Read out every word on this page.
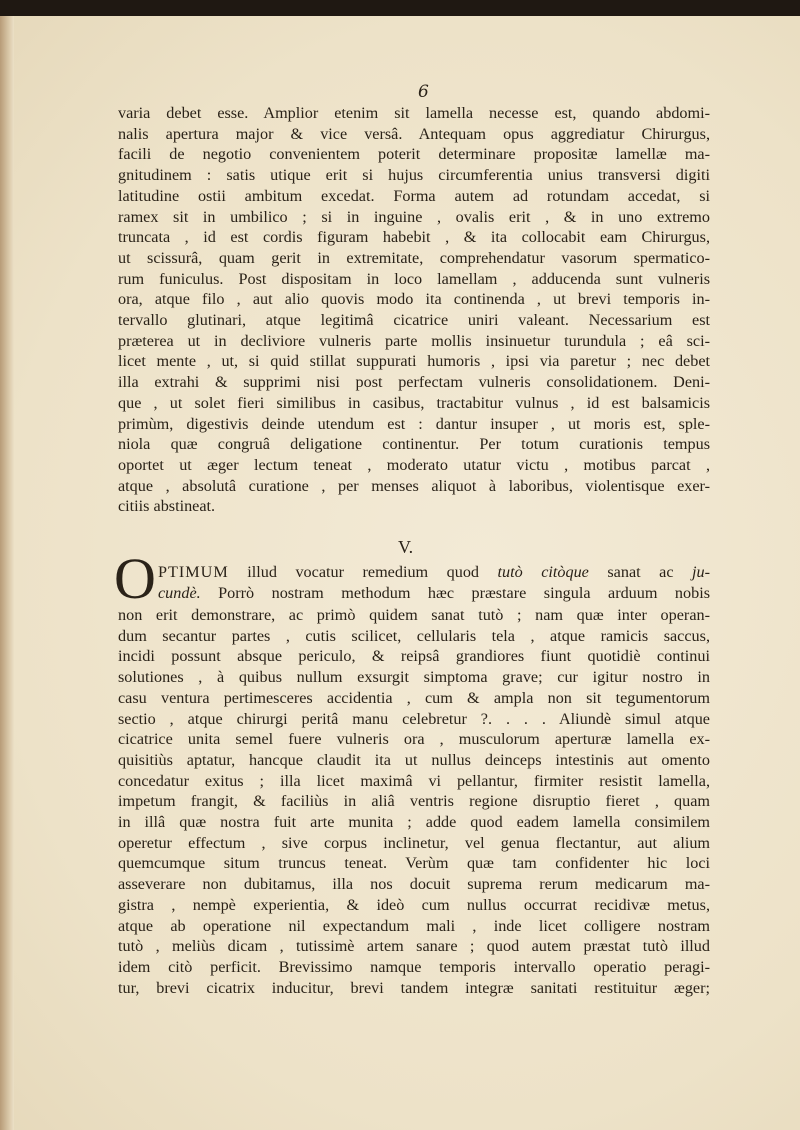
6
varia debet esse. Amplior etenim sit lamella necesse est, quando abdomi-
nalis apertura major & vice versâ. Antequam opus aggrediatur Chirurgus,
facili de negotio convenientem poterit determinare propositæ lamellæ ma-
gnitudinem : satis utique erit si hujus circumferentia unius transversi digiti
latitudine ostii ambitum excedat. Forma autem ad rotundam accedat, si
ramex sit in umbilico ; si in inguine , ovalis erit , & in uno extremo
truncata , id est cordis figuram habebit , & ita collocabit eam Chirurgus,
ut scissurâ, quam gerit in extremitate, comprehendatur vasorum spermatico-
rum funiculus. Post dispositam in loco lamellam , adducenda sunt vulneris
ora, atque filo , aut alio quovis modo ita continenda , ut brevi temporis in-
tervallo glutinari, atque legitimâ cicatrice uniri valeant. Necessarium est
præterea ut in decliviore vulneris parte mollis insinuetur turundula ; eâ sci-
licet mente , ut, si quid stillat suppurati humoris , ipsi via paretur ; nec debet
illa extrahi & supprimi nisi post perfectam vulneris consolidationem. Deni-
que , ut solet fieri similibus in casibus, tractabitur vulnus , id est balsamicis
primùm, digestivis deinde utendum est : dantur insuper , ut moris est, sple-
niola quæ congruâ deligatione continentur. Per totum curationis tempus
oportet ut æger lectum teneat , moderato utatur victu , motibus parcat ,
atque , absolutâ curatione , per menses aliquot à laboribus, violentisque exer-
citiis abstineat.
V.
O PTIMUM illud vocatur remedium quod tutò citòque sanat ac ju-
cundè. Porrò nostram methodum hæc præstare singula arduum nobis
non erit demonstrare, ac primò quidem sanat tutò ; nam quæ inter operan-
dum secantur partes , cutis scilicet, cellularis tela , atque ramicis saccus,
incidi possunt absque periculo, & reipsâ grandiores fiunt quotidiè continui
solutiones , à quibus nullum exsurgit simptoma grave; cur igitur nostro in
casu ventura pertimesceres accidentia , cum & ampla non sit tegumentorum
sectio , atque chirurgi peritâ manu celebretur ?. . . . Aliundè simul atque
cicatrice unita semel fuere vulneris ora , musculorum aperturæ lamella ex-
quisitiùs aptatur, hancque claudit ita ut nullus deinceps intestinis aut omento
concedatur exitus ; illa licet maximâ vi pellantur, firmiter resistit lamella,
impetum frangit, & faciliùs in aliâ ventris regione disruptio fieret , quam
in illâ quæ nostra fuit arte munita ; adde quod eadem lamella consimilem
operetur effectum , sive corpus inclinetur, vel genua flectantur, aut alium
quemcumque situm truncus teneat. Verùm quæ tam confidenter hic loci
asseverare non dubitamus, illa nos docuit suprema rerum medicarum ma-
gistra , nempè experientia, & ideò cum nullus occurrat recidivæ metus,
atque ab operatione nil expectandum mali , inde licet colligere nostram
tutò , meliùs dicam , tutissimè artem sanare ; quod autem præstat tutò illud
idem citò perficit. Brevissimo namque temporis intervallo operatio peragi-
tur, brevi cicatrix inducitur, brevi tandem integræ sanitati restituitur æger;
